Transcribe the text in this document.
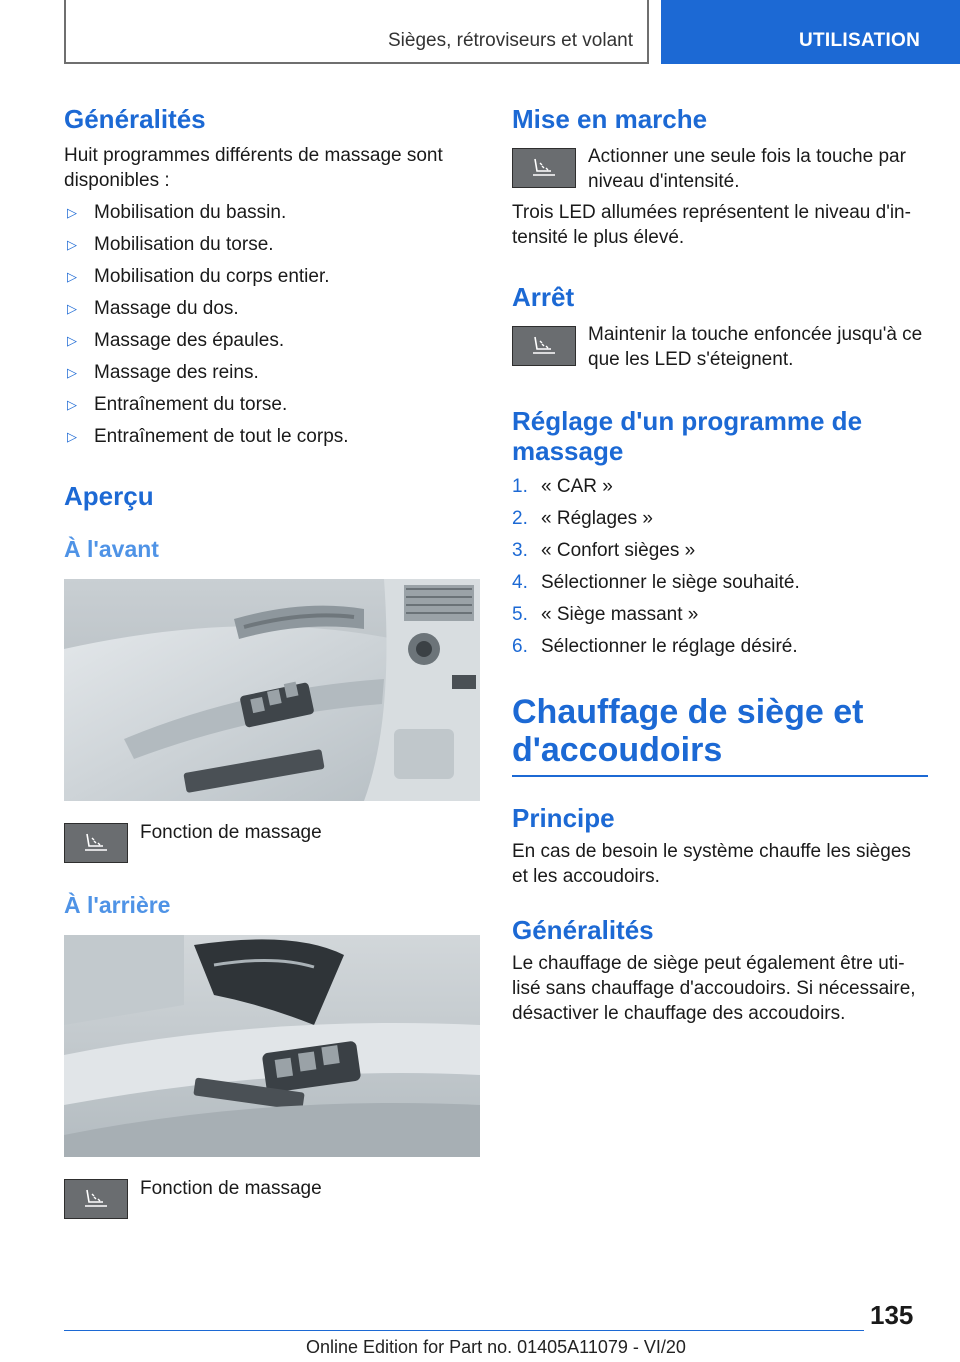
Sièges, rétroviseurs et volant	UTILISATION
Généralités

Huit programmes différents de massage sont disponibles :

▷ Mobilisation du bassin.
▷ Mobilisation du torse.
▷ Mobilisation du corps entier.
▷ Massage du dos.
▷ Massage des épaules.
▷ Massage des reins.
▷ Entraînement du torse.
▷ Entraînement de tout le corps.
Aperçu
À l'avant

Fonction de massage

À l'arrière

Fonction de massage

Mise en marche

Actionner une seule fois la touche par niveau d'intensité.

Trois LED allumées représentent le niveau d'in‐tensité le plus élevé.

Arrêt

Maintenir la touche enfoncée jusqu'à ce que les LED s'éteignent.

Réglage d'un programme de massage
1. « CAR »
2. « Réglages »
3. « Confort sièges »
4. Sélectionner le siège souhaité.
5. « Siège massant »
6. Sélectionner le réglage désiré.
Chauffage de siège et d'accoudoirs
Principe

En cas de besoin le système chauffe les sièges et les accoudoirs.

Généralités

Le chauffage de siège peut également être uti‐lisé sans chauffage d'accoudoirs. Si nécessaire, désactiver le chauffage des accoudoirs.

135
Online Edition for Part no. 01405A11079 - VI/20
